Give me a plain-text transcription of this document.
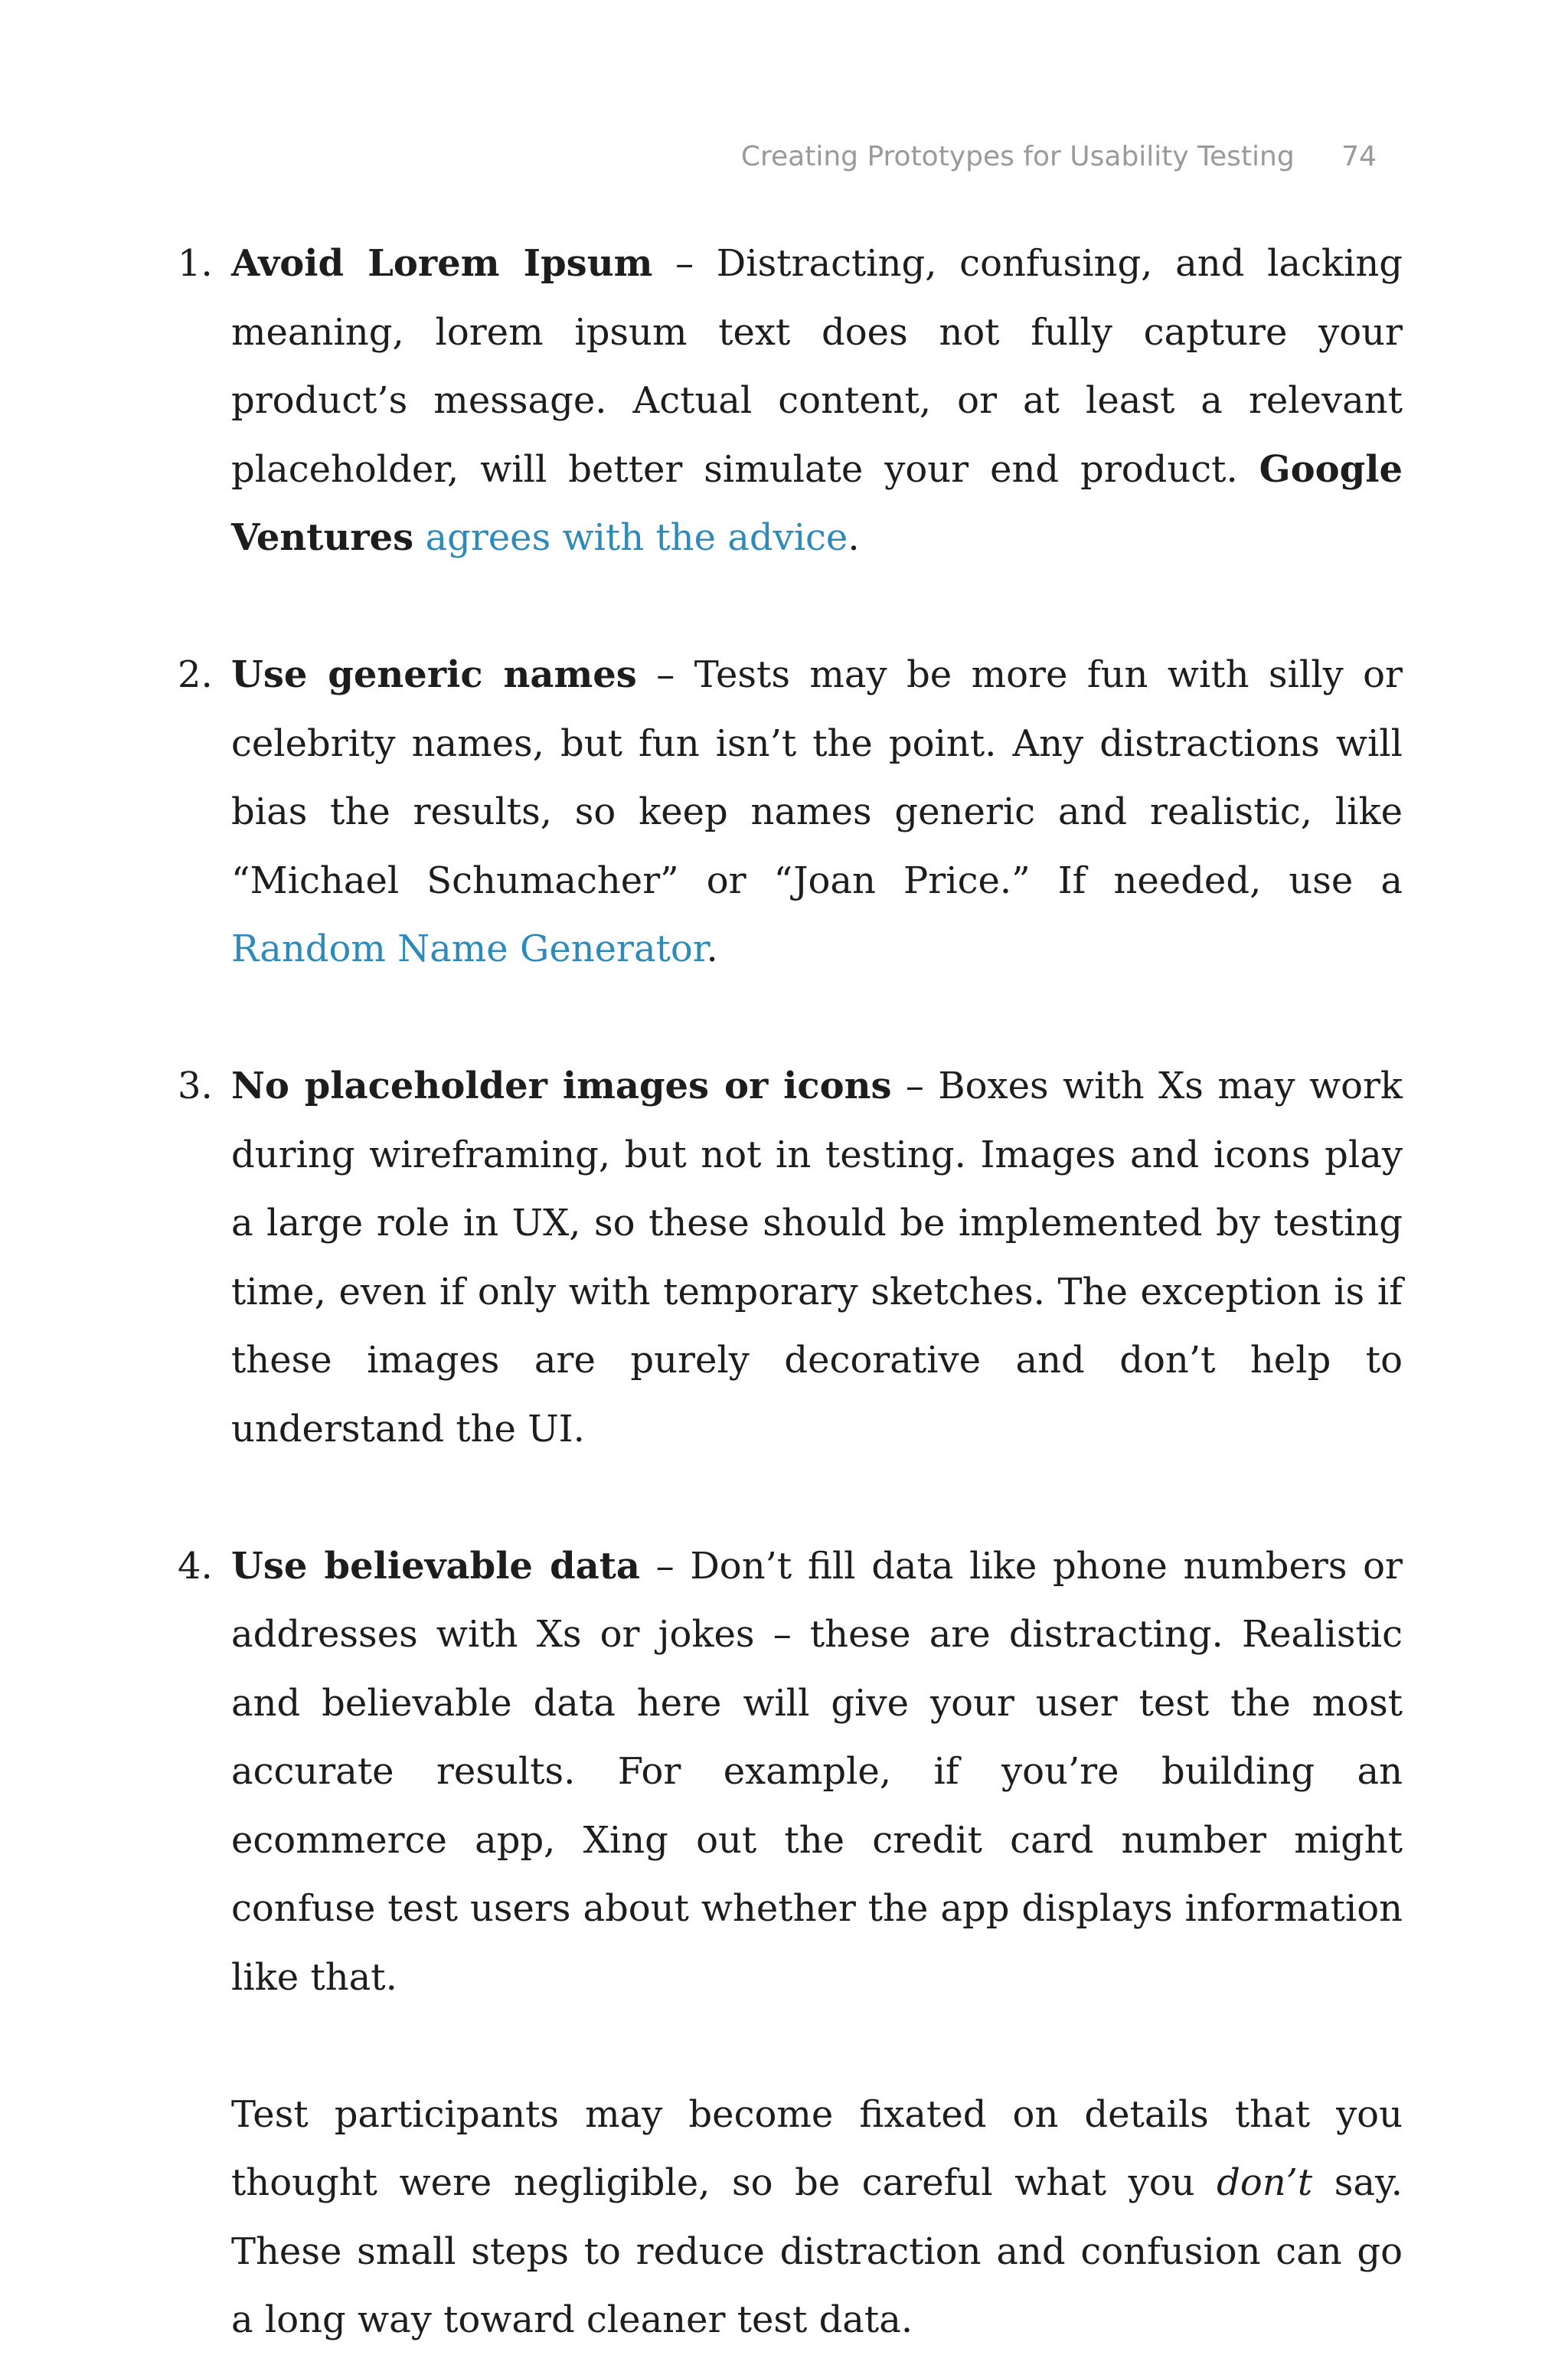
Creating Prototypes for Usability Testing 74
1. Avoid Lorem Ipsum – Distracting, confusing, and lacking meaning, lorem ipsum text does not fully capture your product’s message. Actual content, or at least a relevant placeholder, will better simulate your end product. Google Ventures agrees with the advice.
2. Use generic names – Tests may be more fun with silly or celebrity names, but fun isn’t the point. Any distractions will bias the results, so keep names generic and realistic, like “Michael Schumacher” or “Joan Price.” If needed, use a Random Name Generator.
3. No placeholder images or icons – Boxes with Xs may work during wireframing, but not in testing. Images and icons play a large role in UX, so these should be implemented by testing time, even if only with temporary sketches. The exception is if these images are purely decorative and don’t help to understand the UI.
4. Use believable data – Don’t fill data like phone numbers or addresses with Xs or jokes – these are distracting. Realistic and believable data here will give your user test the most accurate results. For example, if you’re building an ecommerce app, Xing out the credit card number might confuse test users about whether the app displays information like that.

Test participants may become fixated on details that you thought were negligible, so be careful what you don’t say. These small steps to reduce distraction and confusion can go a long way toward cleaner test data.
